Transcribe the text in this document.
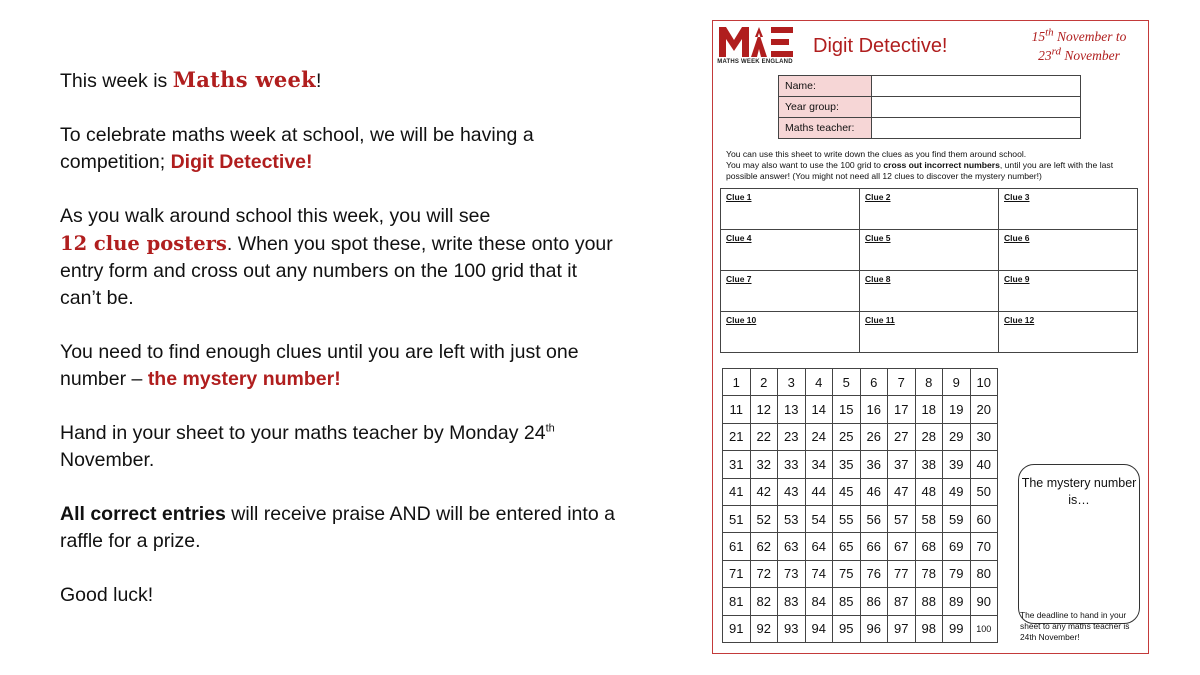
This week is Maths week!

To celebrate maths week at school, we will be having a competition; Digit Detective!

As you walk around school this week, you will see
12 clue posters. When you spot these, write these onto your entry form and cross out any numbers on the 100 grid that it can’t be.

You need to find enough clues until you are left with just one number – the mystery number!

Hand in your sheet to your maths teacher by Monday 24th November.

All correct entries will receive praise AND will be entered into a raffle for a prize.

Good luck!

MATHS WEEK ENGLAND
Digit Detective!	15th November to
23rd November
Name:	
Year group:	
Maths teacher:	
You can use this sheet to write down the clues as you find them around school.
You may also want to use the 100 grid to cross out incorrect numbers, until you are left with the last possible answer! (You might not need all 12 clues to discover the mystery number!)
Clue 1	Clue 2	Clue 3
Clue 4	Clue 5	Clue 6
Clue 7	Clue 8	Clue 9
Clue 10	Clue 11	Clue 12
1	2	3	4	5	6	7	8	9	10
11	12	13	14	15	16	17	18	19	20
21	22	23	24	25	26	27	28	29	30
31	32	33	34	35	36	37	38	39	40
41	42	43	44	45	46	47	48	49	50
51	52	53	54	55	56	57	58	59	60
61	62	63	64	65	66	67	68	69	70
71	72	73	74	75	76	77	78	79	80
81	82	83	84	85	86	87	88	89	90
91	92	93	94	95	96	97	98	99	100
The mystery number is…
The deadline to hand in your sheet to any maths teacher is 24th November!
